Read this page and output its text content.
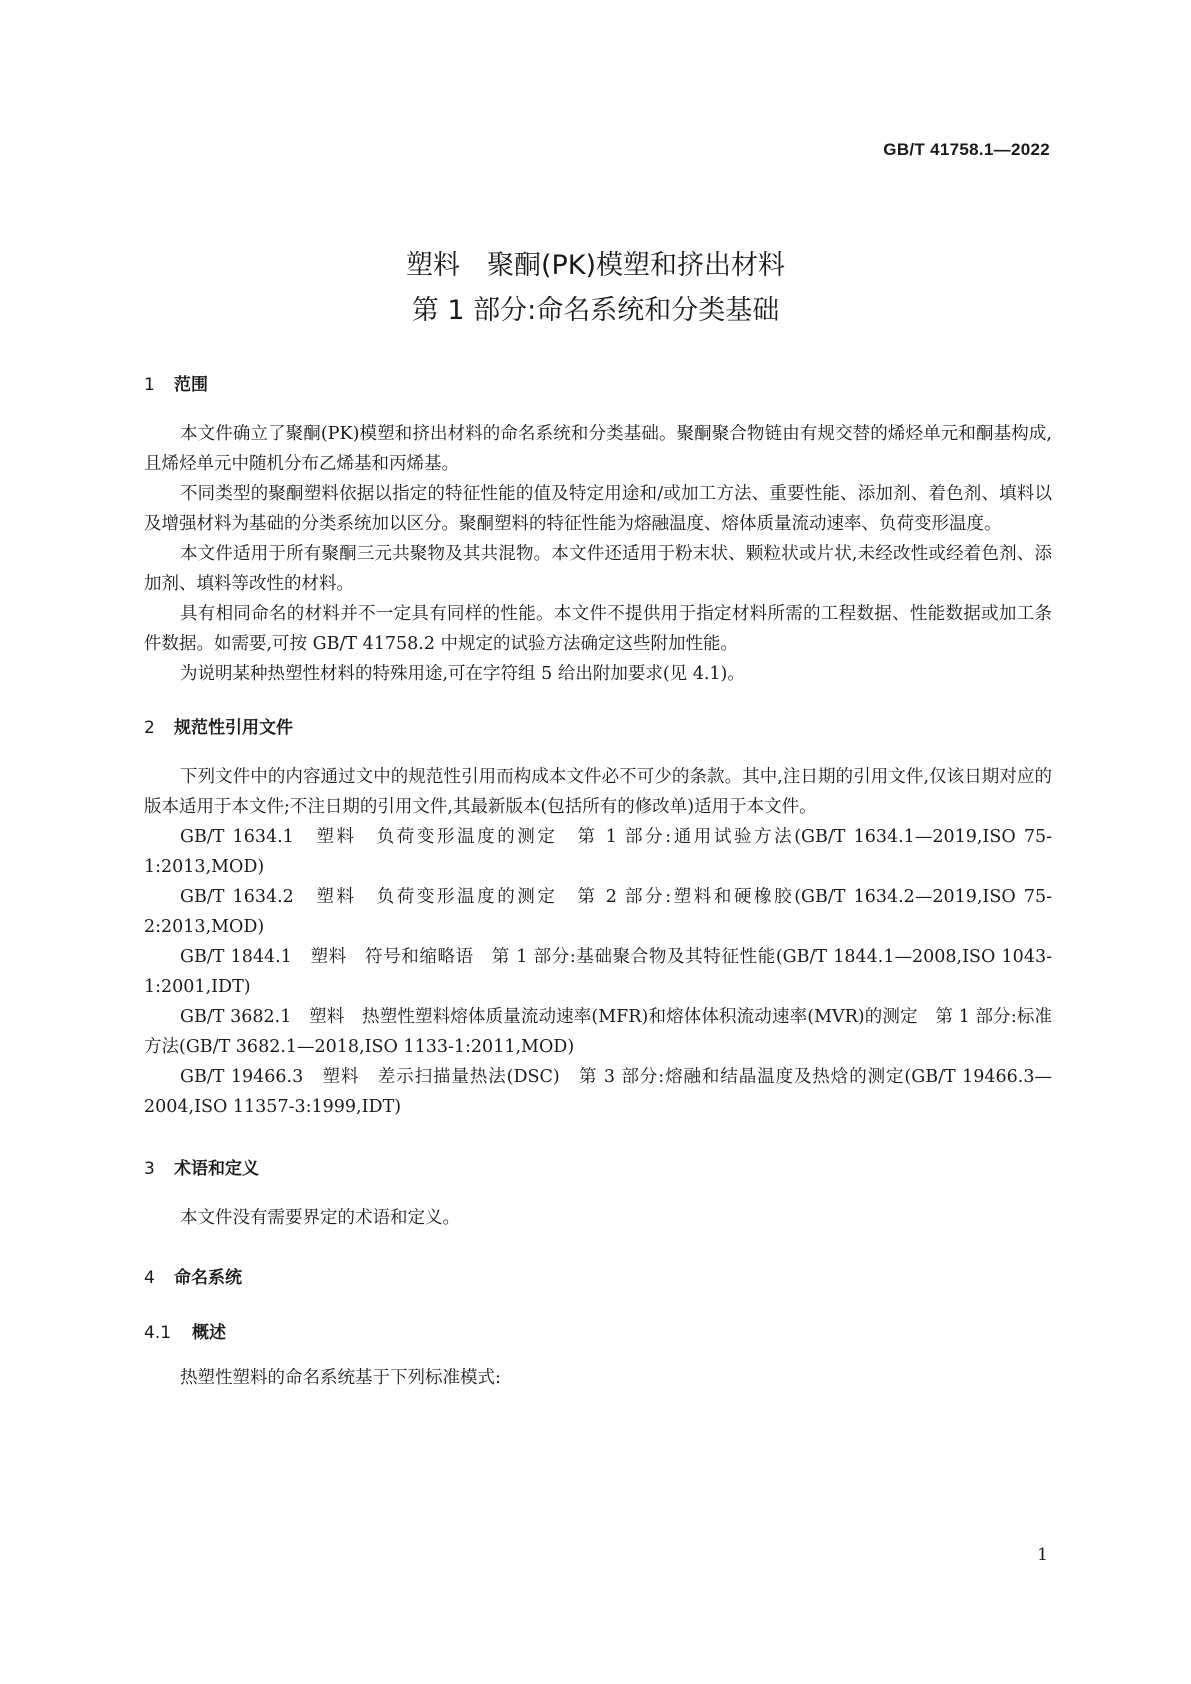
GB/T 41758.1—2022
塑料　聚酮(PK)模塑和挤出材料
第 1 部分:命名系统和分类基础
1 范围

本文件确立了聚酮(PK)模塑和挤出材料的命名系统和分类基础。聚酮聚合物链由有规交替的烯烃单元和酮基构成,且烯烃单元中随机分布乙烯基和丙烯基。

不同类型的聚酮塑料依据以指定的特征性能的值及特定用途和/或加工方法、重要性能、添加剂、着色剂、填料以及增强材料为基础的分类系统加以区分。聚酮塑料的特征性能为熔融温度、熔体质量流动速率、负荷变形温度。

本文件适用于所有聚酮三元共聚物及其共混物。本文件还适用于粉末状、颗粒状或片状,未经改性或经着色剂、添加剂、填料等改性的材料。

具有相同命名的材料并不一定具有同样的性能。本文件不提供用于指定材料所需的工程数据、性能数据或加工条件数据。如需要,可按 GB/T 41758.2 中规定的试验方法确定这些附加性能。

为说明某种热塑性材料的特殊用途,可在字符组 5 给出附加要求(见 4.1)。

2 规范性引用文件

下列文件中的内容通过文中的规范性引用而构成本文件必不可少的条款。其中,注日期的引用文件,仅该日期对应的版本适用于本文件;不注日期的引用文件,其最新版本(包括所有的修改单)适用于本文件。

GB/T 1634.1　塑料　负荷变形温度的测定　第 1 部分:通用试验方法(GB/T 1634.1—2019,ISO 75-1:2013,MOD)

GB/T 1634.2　塑料　负荷变形温度的测定　第 2 部分:塑料和硬橡胶(GB/T 1634.2—2019,ISO 75-2:2013,MOD)

GB/T 1844.1　塑料　符号和缩略语　第 1 部分:基础聚合物及其特征性能(GB/T 1844.1—2008,ISO 1043-1:2001,IDT)

GB/T 3682.1　塑料　热塑性塑料熔体质量流动速率(MFR)和熔体体积流动速率(MVR)的测定　第 1 部分:标准方法(GB/T 3682.1—2018,ISO 1133-1:2011,MOD)

GB/T 19466.3　塑料　差示扫描量热法(DSC)　第 3 部分:熔融和结晶温度及热焓的测定(GB/T 19466.3—2004,ISO 11357-3:1999,IDT)

3 术语和定义

本文件没有需要界定的术语和定义。

4 命名系统
4.1 概述

热塑性塑料的命名系统基于下列标准模式:

1
